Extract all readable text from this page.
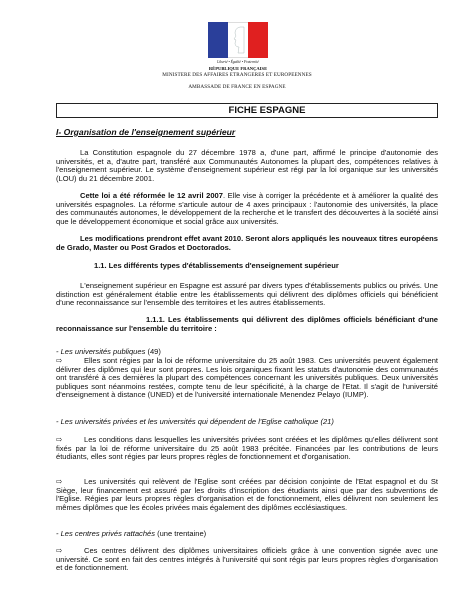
Liberté • Égalité • Fraternité
RÉPUBLIQUE FRANÇAISE
MINISTERE DES AFFAIRES ETRANGERES ET EUROPEENNES
FICHE ESPAGNE

I- Organisation de l'enseignement supérieur

La Constitution espagnole du 27 décembre 1978 a, d'une part, affirmé le principe d'autonomie des universités, et a, d'autre part, transféré aux Communautés Autonomes la plupart des, compétences relatives à l'enseignement supérieur. Le système d'enseignement supérieur est régi par la loi organique sur les universités (LOU) du 21 décembre 2001.

Cette loi a été réformée le 12 avril 2007. Elle vise à corriger la précédente et à améliorer la qualité des universités espagnoles. La réforme s'articule autour de 4 axes principaux : l'autonomie des universités, la place des communautés autonomes, le développement de la recherche et le transfert des découvertes à la société ainsi que le développement économique et social grâce aux universités.

Les modifications prendront effet avant 2010. Seront alors appliqués les nouveaux titres européens de Grado, Master ou Post Grados et Doctorados.

1.1. Les différents types d'établissements d'enseignement supérieur

L'enseignement supérieur en Espagne est assuré par divers types d'établissements publics ou privés. Une distinction est généralement établie entre les établissements qui délivrent des diplômes officiels qui bénéficient d'une reconnaissance sur l'ensemble des territoires et les autres établissements.

1.1.1. Les établissements qui délivrent des diplômes officiels bénéficiant d'une reconnaissance sur l'ensemble du territoire :

- Les universités publiques (49)

⇨	Elles sont régies par la loi de réforme universitaire du 25 août 1983. Ces universités peuvent également délivrer des diplômes qui leur sont propres. Les lois organiques fixant les statuts d'autonomie des communautés ont transféré à ces dernières la plupart des compétences concernant les universités publiques. Deux universités publiques sont néanmoins restées, compte tenu de leur spécificité, à la charge de l'Etat. Il s'agit de l'université d'enseignement à distance (UNED) et de l'université internationale Menendez Pelayo (IUMP).

- Les universités privées et les universités qui dépendent de l'Eglise catholique (21)

⇨	Les conditions dans lesquelles les universités privées sont créées et les diplômes qu'elles délivrent sont fixés par la loi de réforme universitaire du 25 août 1983 précitée. Financées par les contributions de leurs étudiants, elles sont régies par leurs propres règles de fonctionnement et d'organisation.

⇨	Les universités qui relèvent de l'Eglise sont créées par décision conjointe de l'Etat espagnol et du St Siège, leur financement est assuré par les droits d'inscription des étudiants ainsi que par des subventions de l'Eglise. Régies par leurs propres règles d'organisation et de fonctionnement, elles délivrent non seulement les mêmes diplômes que les écoles privées mais également des diplômes ecclésiastiques.

- Les centres privés rattachés (une trentaine)

⇨	Ces centres délivrent des diplômes universitaires officiels grâce à une convention signée avec une université. Ce sont en fait des centres intégrés à l'université qui sont régis par leurs propres règles d'organisation et de fonctionnement.

AMBASSADE DE FRANCE EN ESPAGNE
